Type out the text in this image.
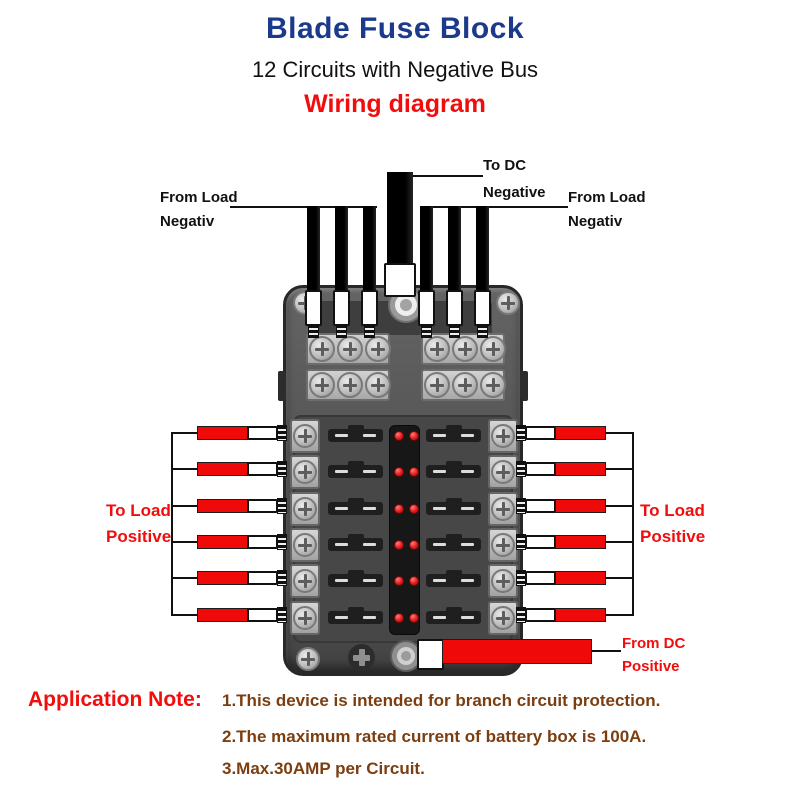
Blade Fuse Block
12 Circuits with Negative Bus
Wiring diagram
From Load
Negativ
To DC
Negative From Load
Negativ
To Load
Positive
To Load
Positive
From DC
Positive
Application Note: 1.This device is intended for branch circuit protection.
2.The maximum rated current of battery box is 100A.
3.Max.30AMP per Circuit.
